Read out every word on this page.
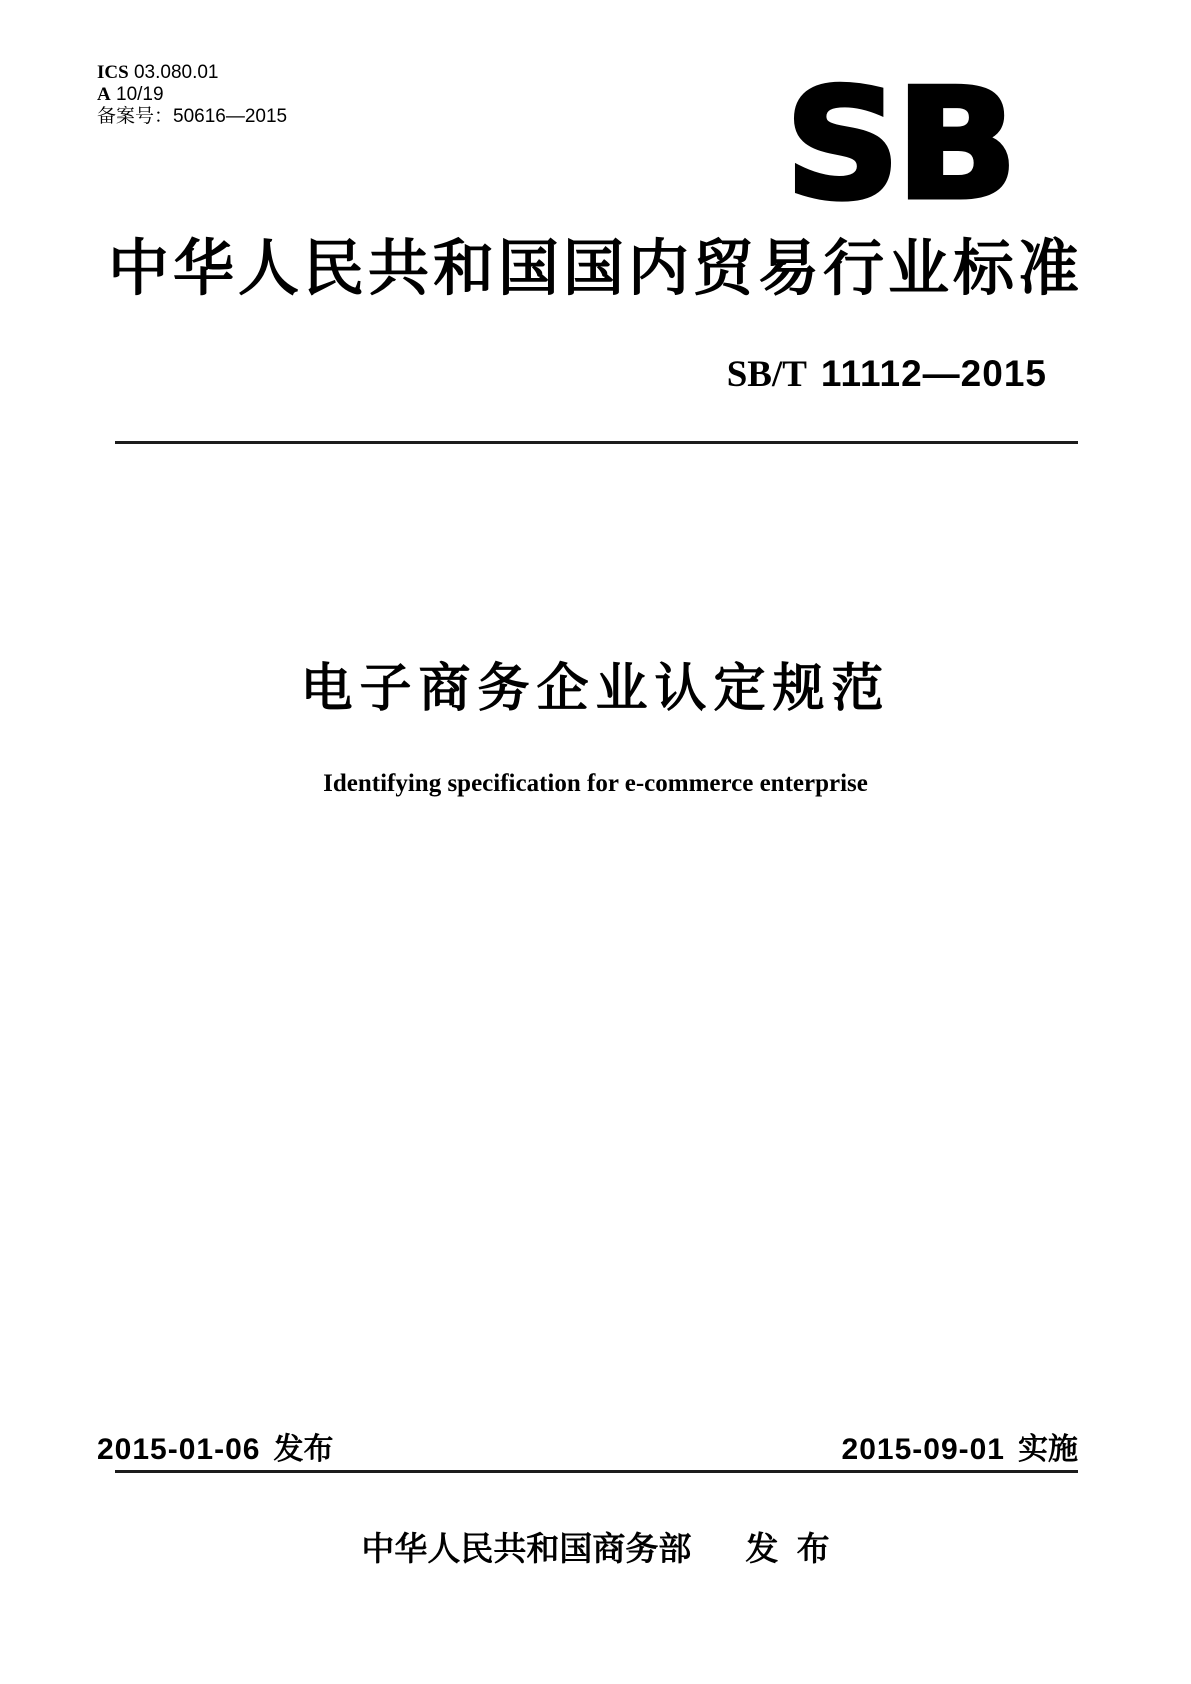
ICS 03.080.01
A 10/19
备案号：50616—2015	SB
中华人民共和国国内贸易行业标准
SB/T 11112—2015
电子商务企业认定规范
Identifying specification for e-commerce enterprise
2015-01-06 发布	2015-09-01 实施
中华人民共和国商务部 发  布
